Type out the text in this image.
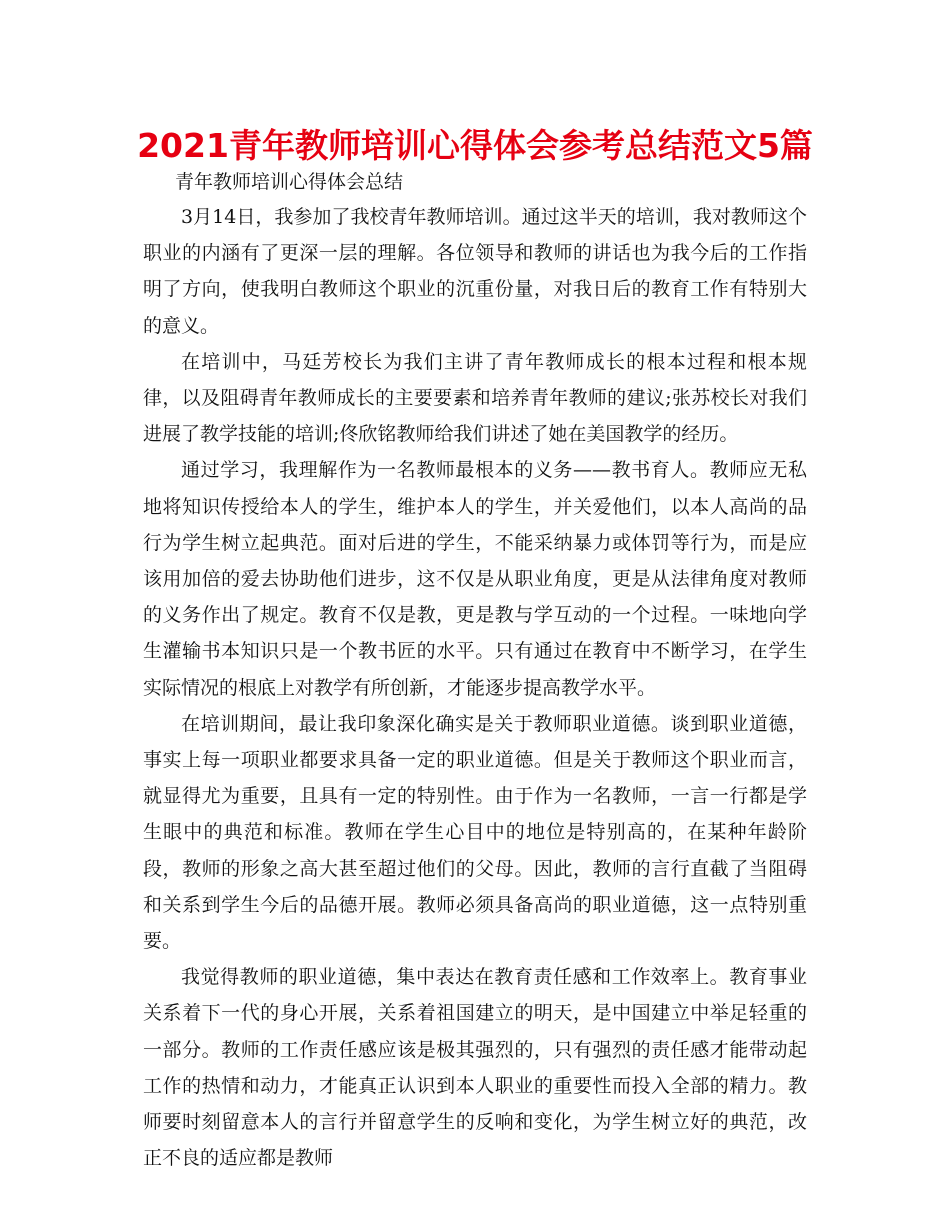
2021青年教师培训心得体会参考总结范文5篇

青年教师培训心得体会总结

3月14日，我参加了我校青年教师培训。通过这半天的培训，我对教师这个职业的内涵有了更深一层的理解。各位领导和教师的讲话也为我今后的工作指明了方向，使我明白教师这个职业的沉重份量，对我日后的教育工作有特别大的意义。

在培训中，马廷芳校长为我们主讲了青年教师成长的根本过程和根本规律，以及阻碍青年教师成长的主要要素和培养青年教师的建议;张苏校长对我们进展了教学技能的培训;佟欣铭教师给我们讲述了她在美国教学的经历。

通过学习，我理解作为一名教师最根本的义务——教书育人。教师应无私地将知识传授给本人的学生，维护本人的学生，并关爱他们，以本人高尚的品行为学生树立起典范。面对后进的学生，不能采纳暴力或体罚等行为，而是应该用加倍的爱去协助他们进步，这不仅是从职业角度，更是从法律角度对教师的义务作出了规定。教育不仅是教，更是教与学互动的一个过程。一味地向学生灌输书本知识只是一个教书匠的水平。只有通过在教育中不断学习，在学生实际情况的根底上对教学有所创新，才能逐步提高教学水平。

在培训期间，最让我印象深化确实是关于教师职业道德。谈到职业道德，事实上每一项职业都要求具备一定的职业道德。但是关于教师这个职业而言，就显得尤为重要，且具有一定的特别性。由于作为一名教师，一言一行都是学生眼中的典范和标准。教师在学生心目中的地位是特别高的，在某种年龄阶段，教师的形象之高大甚至超过他们的父母。因此，教师的言行直截了当阻碍和关系到学生今后的品德开展。教师必须具备高尚的职业道德，这一点特别重要。

我觉得教师的职业道德，集中表达在教育责任感和工作效率上。教育事业关系着下一代的身心开展，关系着祖国建立的明天，是中国建立中举足轻重的一部分。教师的工作责任感应该是极其强烈的，只有强烈的责任感才能带动起工作的热情和动力，才能真正认识到本人职业的重要性而投入全部的精力。教师要时刻留意本人的言行并留意学生的反响和变化，为学生树立好的典范，改正不良的适应都是教师
